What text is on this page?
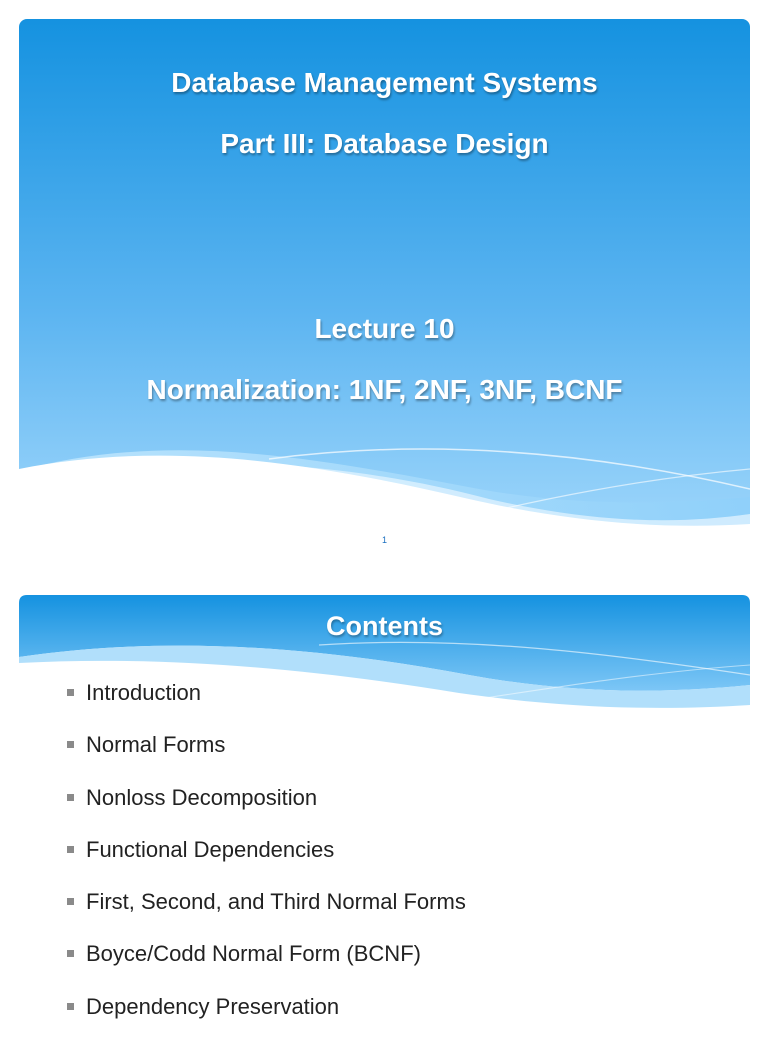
Database Management Systems
Part III: Database Design
Lecture 10
Normalization: 1NF, 2NF, 3NF, BCNF
1
Contents
Introduction
Normal Forms
Nonloss Decomposition
Functional Dependencies
First, Second, and Third Normal Forms
Boyce/Codd Normal Form (BCNF)
Dependency Preservation
